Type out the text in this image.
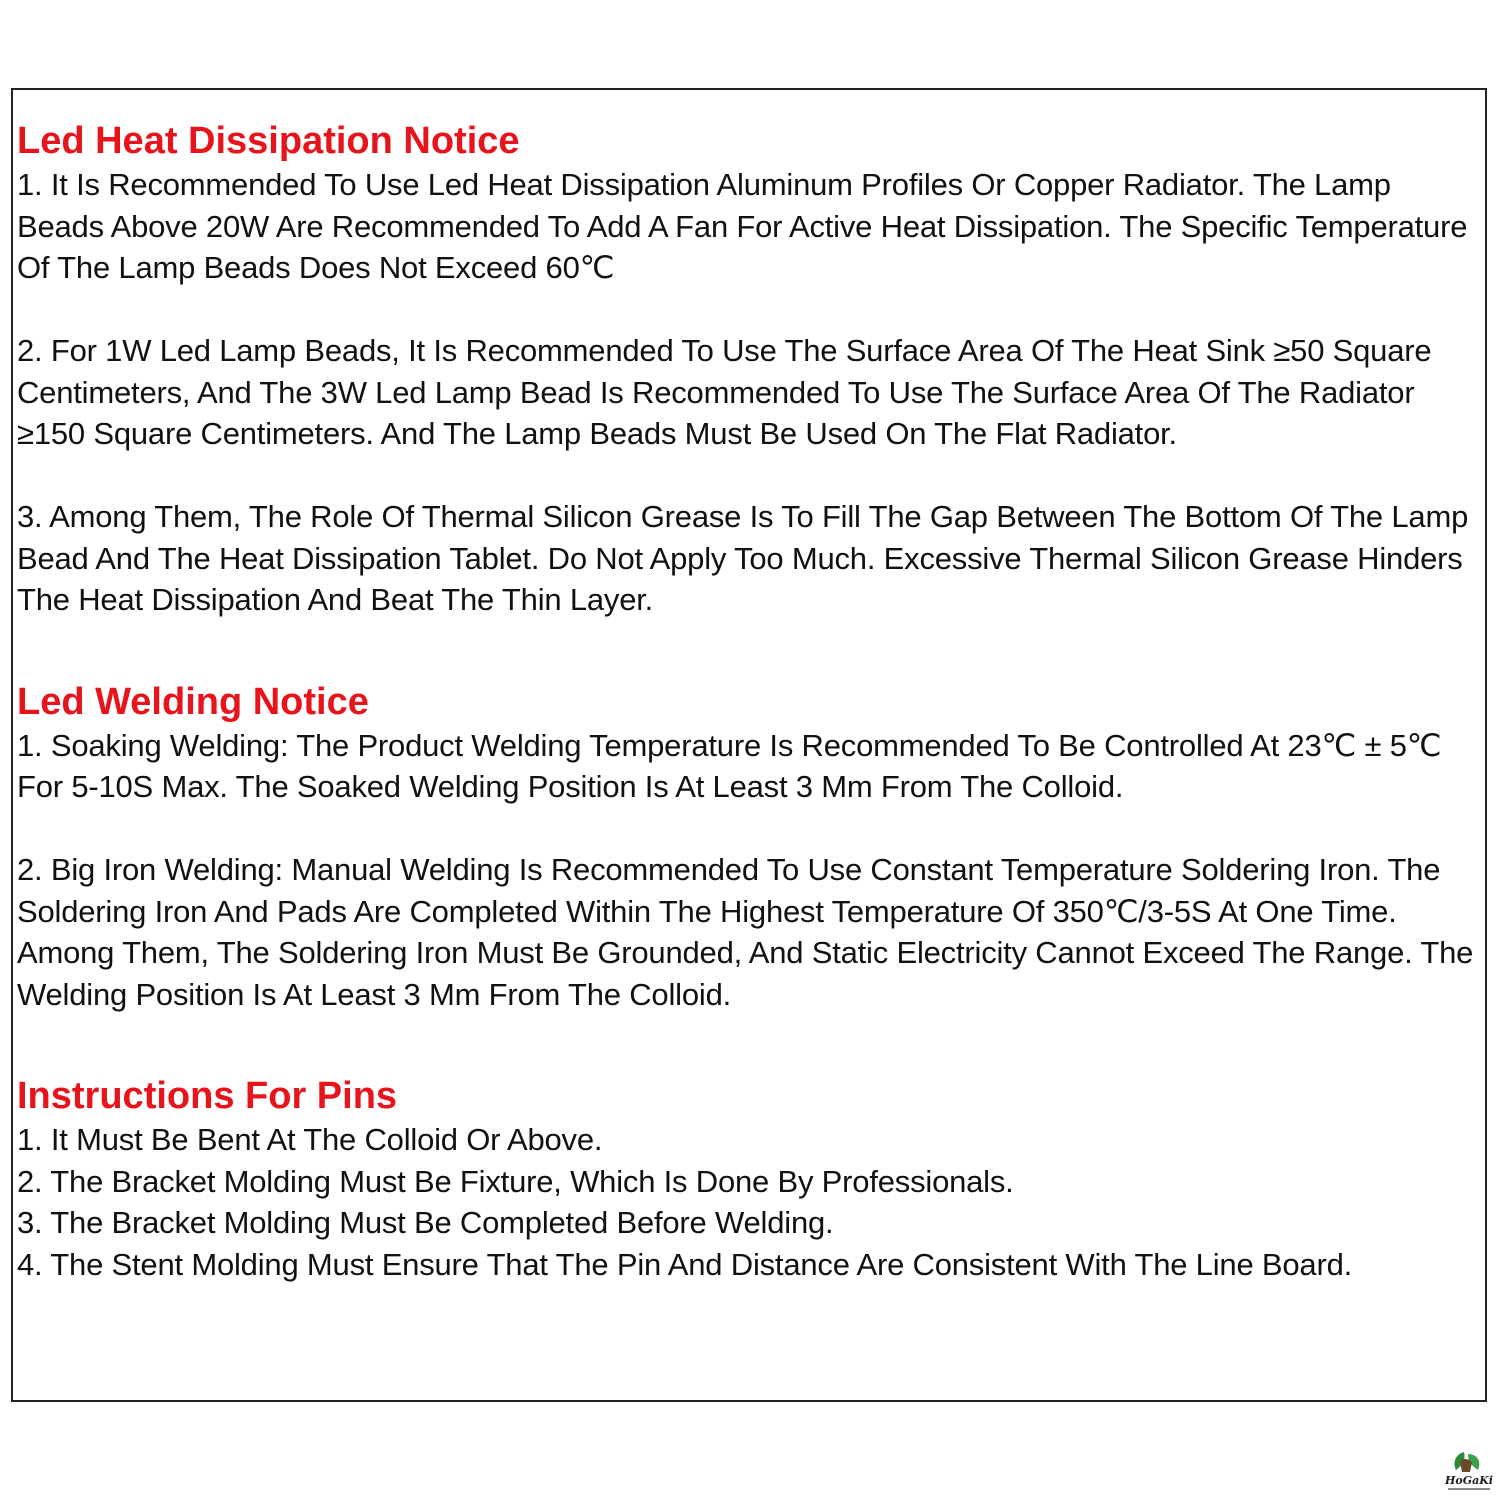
Led Heat Dissipation Notice

1. It Is Recommended To Use Led Heat Dissipation Aluminum Profiles Or Copper Radiator. The Lamp Beads Above 20W Are Recommended To Add A Fan For Active Heat Dissipation. The Specific Temperature Of The Lamp Beads Does Not Exceed 60℃

2. For 1W Led Lamp Beads, It Is Recommended To Use The Surface Area Of The Heat Sink ≥50 Square Centimeters, And The 3W Led Lamp Bead Is Recommended To Use The Surface Area Of The Radiator ≥150 Square Centimeters. And The Lamp Beads Must Be Used On The Flat Radiator.

3. Among Them, The Role Of Thermal Silicon Grease Is To Fill The Gap Between The Bottom Of The Lamp Bead And The Heat Dissipation Tablet. Do Not Apply Too Much. Excessive Thermal Silicon Grease Hinders The Heat Dissipation And Beat The Thin Layer.

Led Welding Notice

1. Soaking Welding: The Product Welding Temperature Is Recommended To Be Controlled At 23℃ ± 5℃ For 5-10S Max. The Soaked Welding Position Is At Least 3 Mm From The Colloid.

2. Big Iron Welding: Manual Welding Is Recommended To Use Constant Temperature Soldering Iron. The Soldering Iron And Pads Are Completed Within The Highest Temperature Of 350℃/3-5S At One Time. Among Them, The Soldering Iron Must Be Grounded, And Static Electricity Cannot Exceed The Range. The Welding Position Is At Least 3 Mm From The Colloid.

Instructions For Pins
1. It Must Be Bent At The Colloid Or Above.
2. The Bracket Molding Must Be Fixture, Which Is Done By Professionals.
3. The Bracket Molding Must Be Completed Before Welding.
4. The Stent Molding Must Ensure That The Pin And Distance Are Consistent With The Line Board.
HoGaKi
